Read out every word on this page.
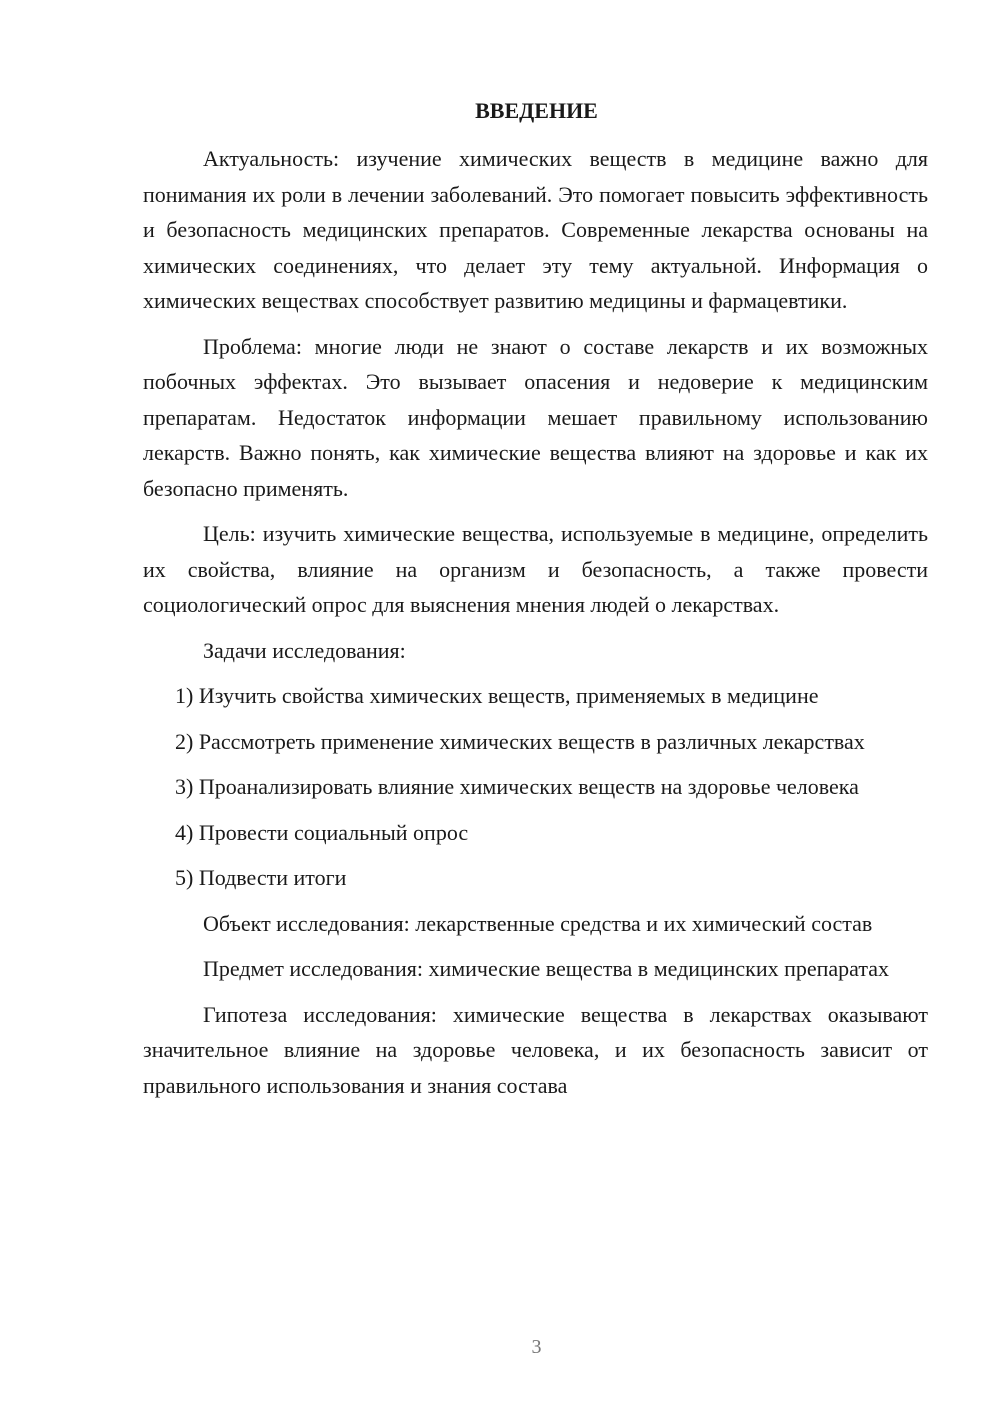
ВВЕДЕНИЕ

Актуальность: изучение химических веществ в медицине важно для понимания их роли в лечении заболеваний. Это помогает повысить эффективность и безопасность медицинских препаратов. Современные лекарства основаны на химических соединениях, что делает эту тему актуальной. Информация о химических веществах способствует развитию медицины и фармацевтики.

Проблема: многие люди не знают о составе лекарств и их возможных побочных эффектах. Это вызывает опасения и недоверие к медицинским препаратам. Недостаток информации мешает правильному использованию лекарств. Важно понять, как химические вещества влияют на здоровье и как их безопасно применять.

Цель: изучить химические вещества, используемые в медицине, определить их свойства, влияние на организм и безопасность, а также провести социологический опрос для выяснения мнения людей о лекарствах.

Задачи исследования:

1) Изучить свойства химических веществ, применяемых в медицине

2) Рассмотреть применение химических веществ в различных лекарствах

3) Проанализировать влияние химических веществ на здоровье человека

4) Провести социальный опрос

5) Подвести итоги

Объект исследования: лекарственные средства и их химический состав

Предмет исследования: химические вещества в медицинских препаратах

Гипотеза исследования: химические вещества в лекарствах оказывают значительное влияние на здоровье человека, и их безопасность зависит от правильного использования и знания состава

3
